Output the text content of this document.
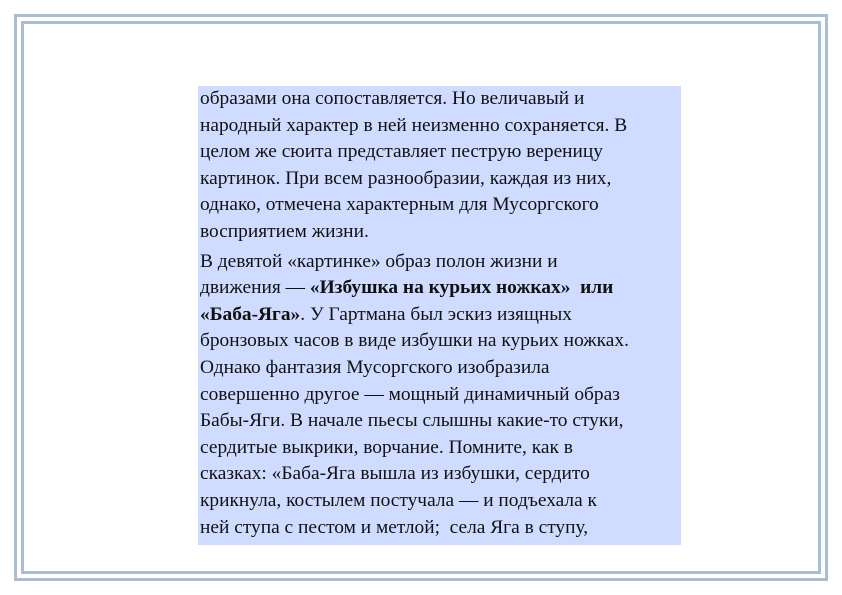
образами она сопоставляется. Но величавый и
народный характер в ней неизменно сохраняется. В
целом же сюита представляет пеструю вереницу
картинок. При всем разнообразии, каждая из них,
однако, отмечена характерным для Мусоргского
восприятием жизни.

В девятой «картинке» образ полон жизни и
движения — «Избушка на курьих ножках»  или
«Баба-Яга». У Гартмана был эскиз изящных
бронзовых часов в виде избушки на курьих ножках.
Однако фантазия Мусоргского изобразила
совершенно другое — мощный динамичный образ
Бабы-Яги. В начале пьесы слышны какие-то стуки,
сердитые выкрики, ворчание. Помните, как в
сказках: «Баба-Яга вышла из избушки, сердито
крикнула, костылем постучала — и подъехала к
ней ступа с пестом и метлой;  села Яга в ступу,
